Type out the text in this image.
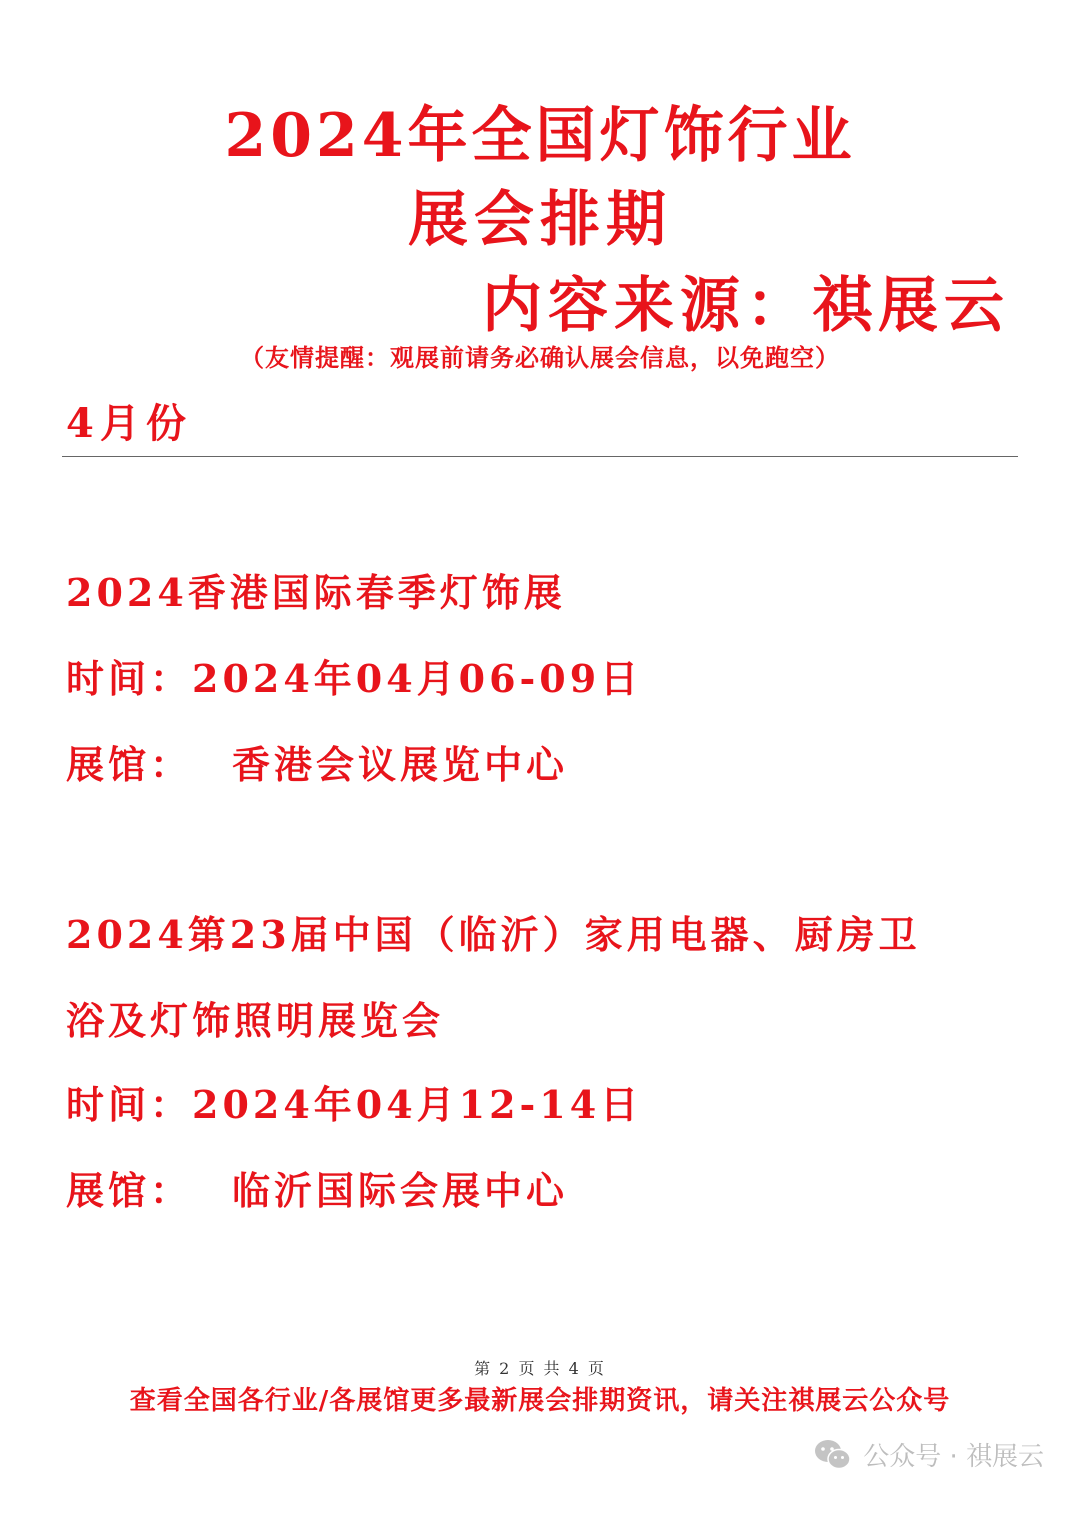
2024年全国灯饰行业
展会排期
内容来源：祺展云
（友情提醒：观展前请务必确认展会信息，以免跑空）
4月份
2024香港国际春季灯饰展
时间：2024年04月06-09日
展馆： 香港会议展览中心
2024第23届中国（临沂）家用电器、厨房卫
浴及灯饰照明展览会
时间：2024年04月12-14日
展馆： 临沂国际会展中心
第 2 页 共 4 页
查看全国各行业/各展馆更多最新展会排期资讯，请关注祺展云公众号
公众号 · 祺展云
